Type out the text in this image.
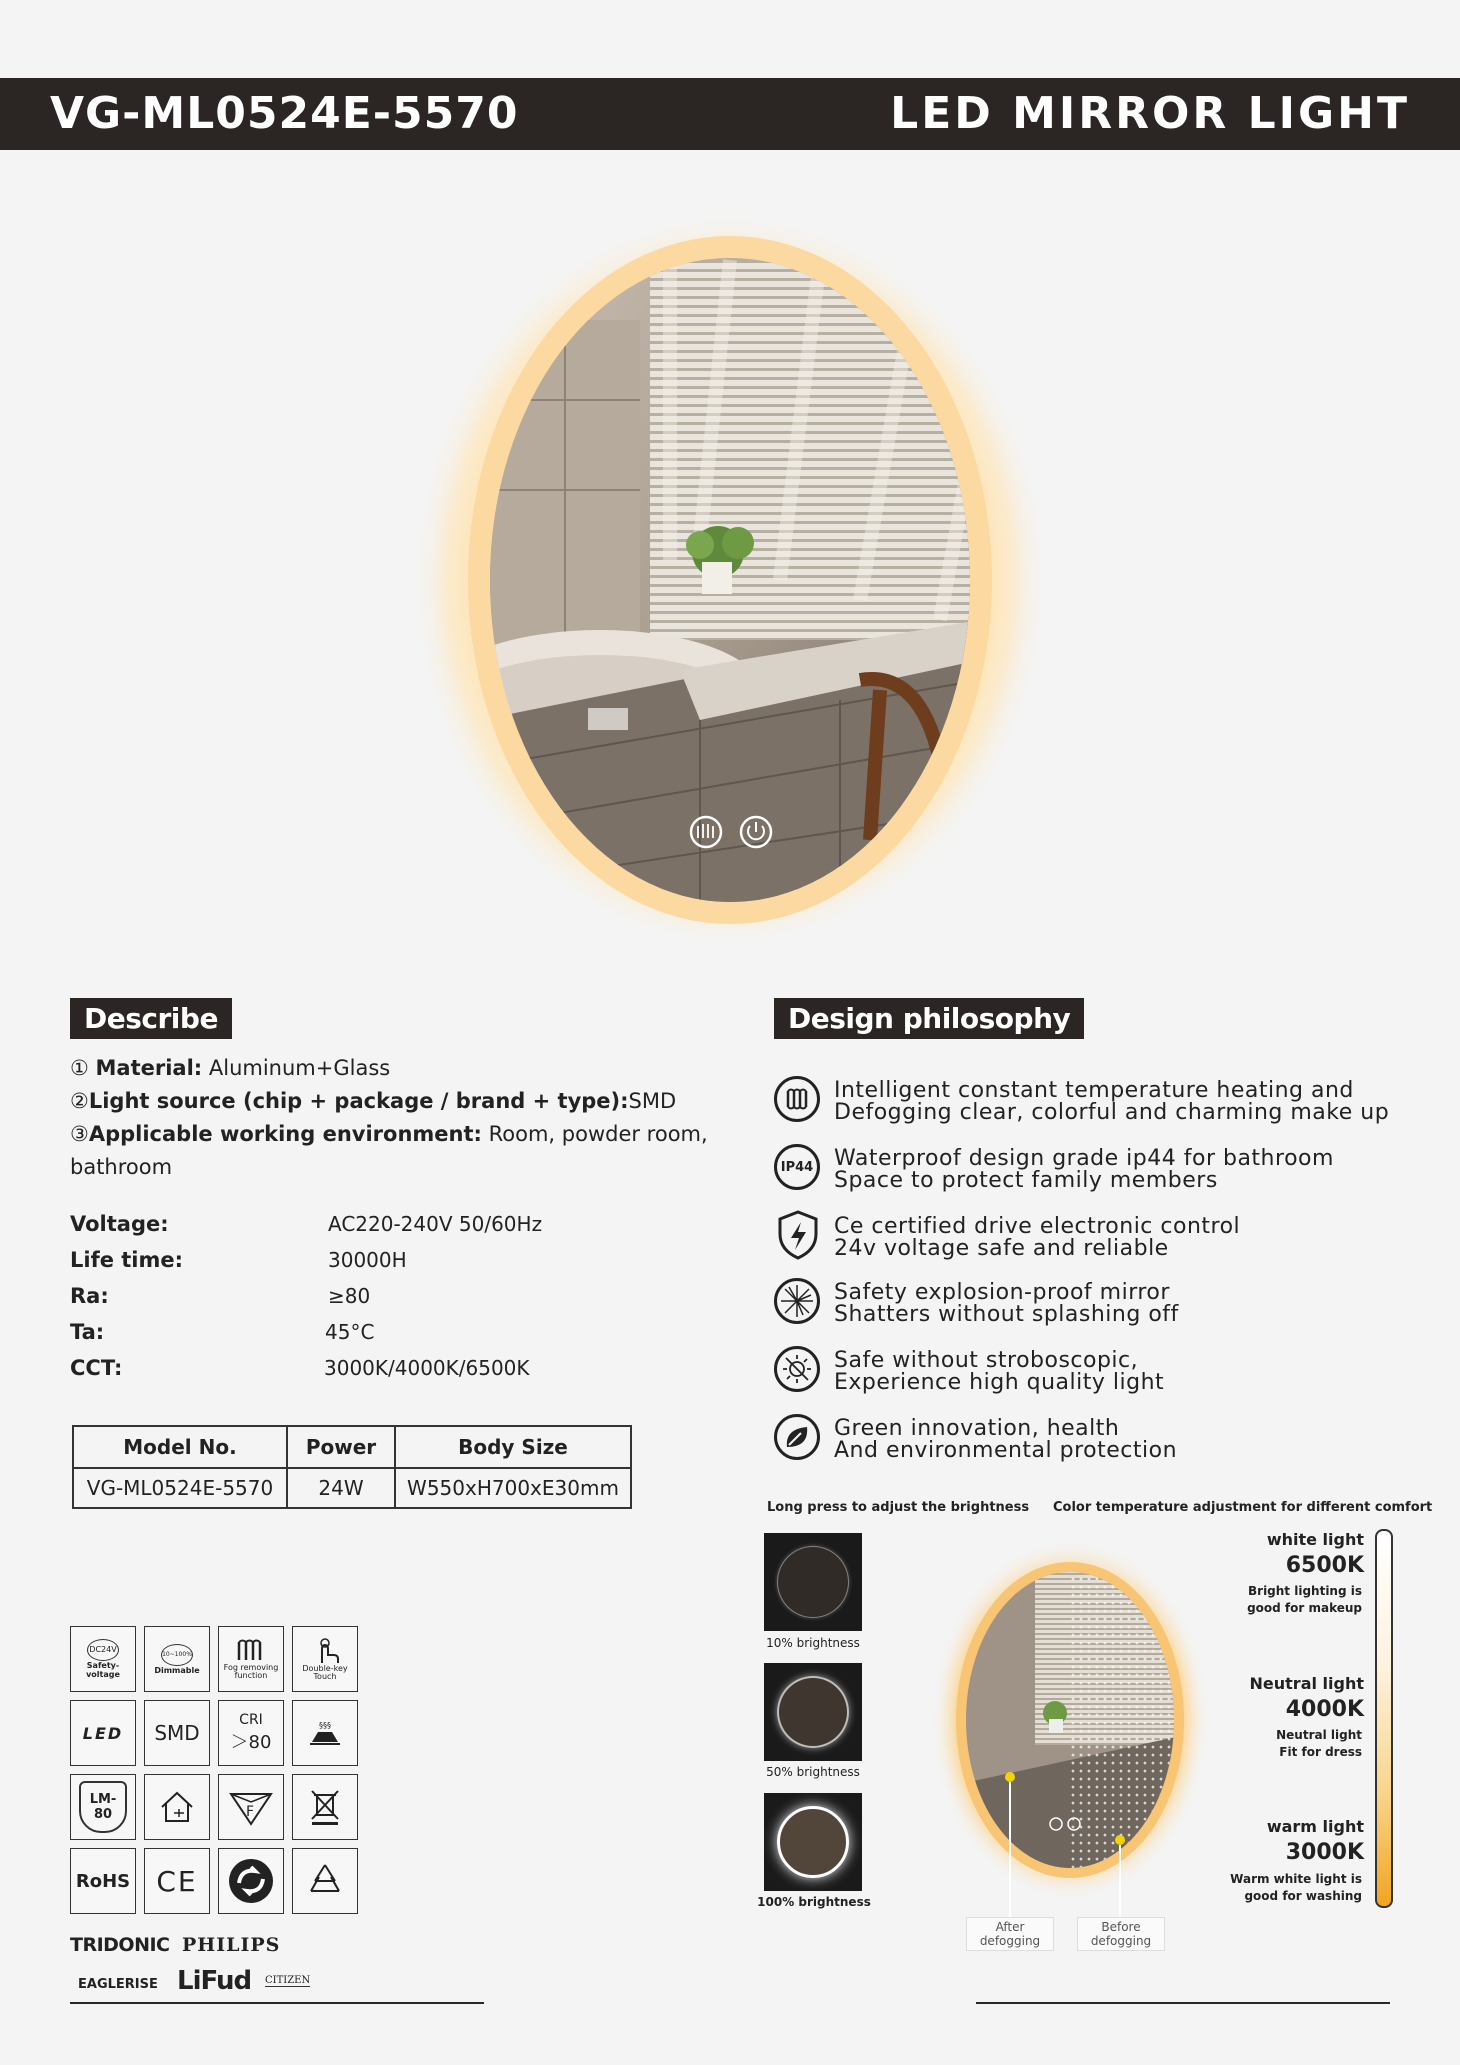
VG-ML0524E-5570	LED MIRROR LIGHT
Describe
① Material: Aluminum+Glass
②Light source (chip + package / brand + type):SMD
③Applicable working environment: Room, powder room,
bathroom
Voltage:	AC220-240V 50/60Hz
Life time:	30000H
Ra:	≥80
Ta:	45°C
CCT:	3000K/4000K/6500K
Model No.	Power	Body Size
VG-ML0524E-5570	24W	W550xH700xE30mm
DC24V
Safety-voltage
10~100%
Dimmable	Fog removing function
Double-key Touch
LED SMD
CRI
＞80
§§§
LM-80	F
RoHS CE
TRIDONIC PHILIPS
EAGLERISE LiFud CITIZEN
Design philosophy
Intelligent constant temperature heating and
Defogging clear, colorful and charming make up
IP44 Waterproof design grade ip44 for bathroom
Space to protect family members
Ce certified drive electronic control
24v voltage safe and reliable
Safety explosion-proof mirror
Shatters without splashing off
Safe without stroboscopic,
Experience high quality light
Green innovation, health
And environmental protection
Long press to adjust the brightness Color temperature adjustment for different comfort
10% brightness
50% brightness
100% brightness
After
defogging
Before
defogging
white light
6500K
Bright lighting is
good for makeup
Neutral light
4000K
Neutral light
Fit for dress
warm light
3000K
Warm white light is
good for washing
